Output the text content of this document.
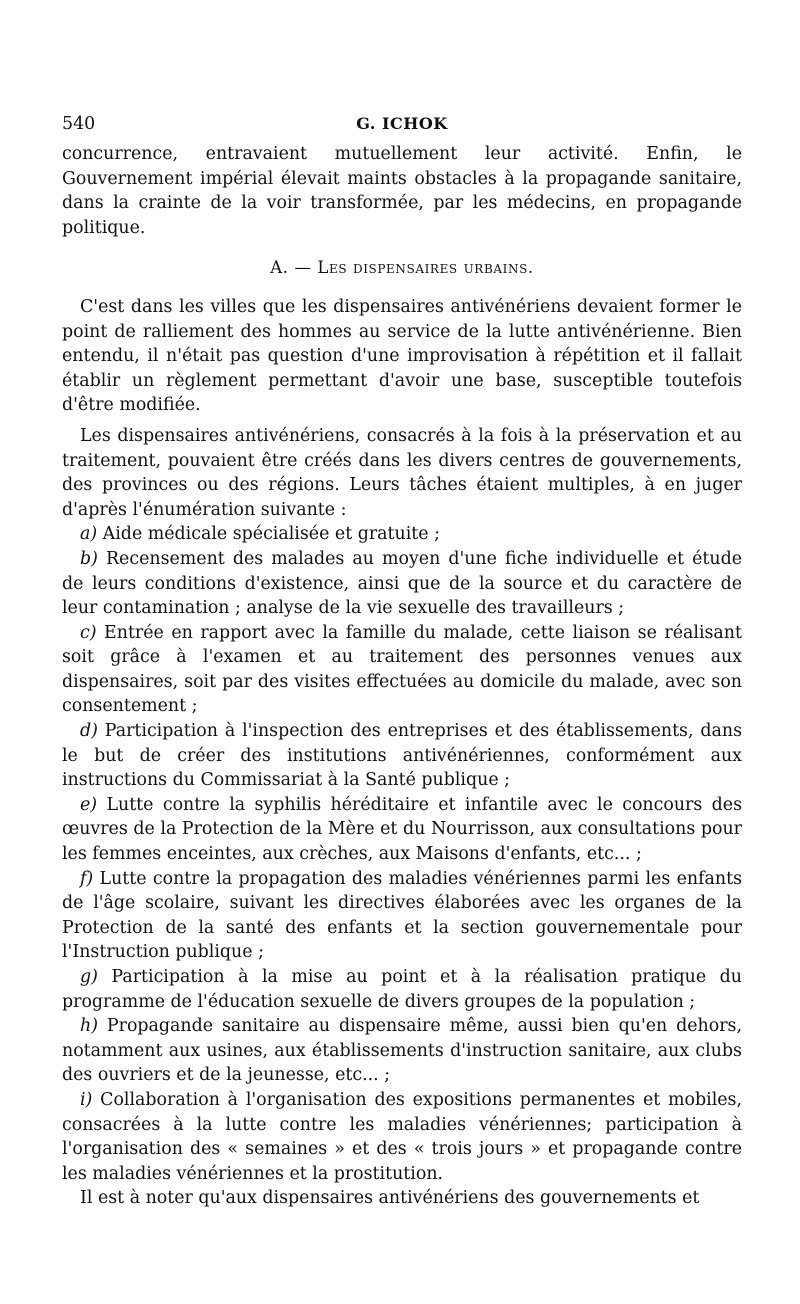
540	G. ICHOK

concurrence, entravaient mutuellement leur activité. Enfin, le Gouvernement impérial élevait maints obstacles à la propagande sanitaire, dans la crainte de la voir transformée, par les médecins, en propagande politique.

A. — Les dispensaires urbains.

C'est dans les villes que les dispensaires antivénériens devaient former le point de ralliement des hommes au service de la lutte antivénérienne. Bien entendu, il n'était pas question d'une improvisation à répétition et il fallait établir un règlement permettant d'avoir une base, susceptible toutefois d'être modifiée.

Les dispensaires antivénériens, consacrés à la fois à la préservation et au traitement, pouvaient être créés dans les divers centres de gouvernements, des provinces ou des régions. Leurs tâches étaient multiples, à en juger d'après l'énumération suivante :

a) Aide médicale spécialisée et gratuite ;

b) Recensement des malades au moyen d'une fiche individuelle et étude de leurs conditions d'existence, ainsi que de la source et du caractère de leur contamination ; analyse de la vie sexuelle des travailleurs ;

c) Entrée en rapport avec la famille du malade, cette liaison se réalisant soit grâce à l'examen et au traitement des personnes venues aux dispensaires, soit par des visites effectuées au domicile du malade, avec son consentement ;

d) Participation à l'inspection des entreprises et des établissements, dans le but de créer des institutions antivénériennes, conformément aux instructions du Commissariat à la Santé publique ;

e) Lutte contre la syphilis héréditaire et infantile avec le concours des œuvres de la Protection de la Mère et du Nourrisson, aux consultations pour les femmes enceintes, aux crèches, aux Maisons d'enfants, etc... ;

f) Lutte contre la propagation des maladies vénériennes parmi les enfants de l'âge scolaire, suivant les directives élaborées avec les organes de la Protection de la santé des enfants et la section gouvernementale pour l'Instruction publique ;

g) Participation à la mise au point et à la réalisation pratique du programme de l'éducation sexuelle de divers groupes de la population ;

h) Propagande sanitaire au dispensaire même, aussi bien qu'en dehors, notamment aux usines, aux établissements d'instruction sanitaire, aux clubs des ouvriers et de la jeunesse, etc... ;

i) Collaboration à l'organisation des expositions permanentes et mobiles, consacrées à la lutte contre les maladies vénériennes; participation à l'organisation des « semaines » et des « trois jours » et propagande contre les maladies vénériennes et la prostitution.

Il est à noter qu'aux dispensaires antivénériens des gouvernements et
